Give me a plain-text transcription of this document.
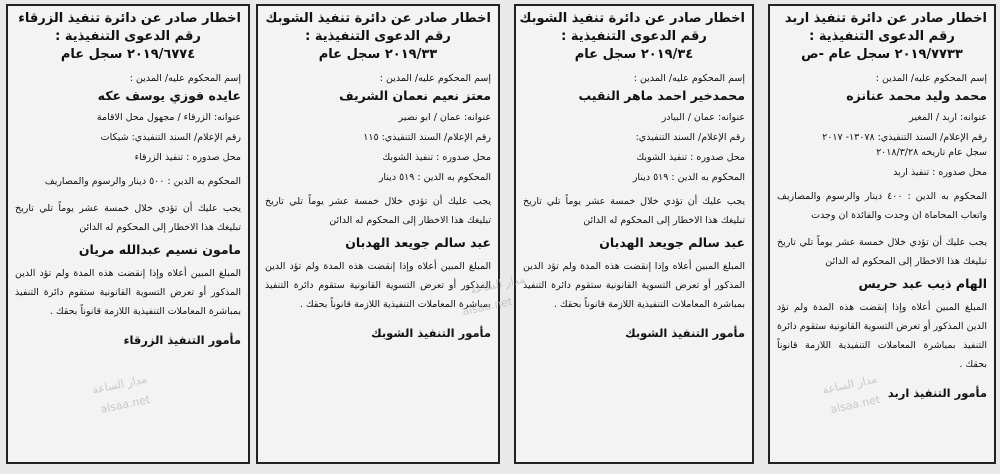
اخطار صادر عن دائرة تنفيذ اربد
رقم الدعوى التنفيذية :
٢٠١٩/٧٧٣٣ سجل عام -ص
إسم المحكوم عليه/ المدين :
محمد وليد محمد عنانزه
عنوانه: اربد / المغير
رقم الإعلام/ السند التنفيذي: ١٣٠٧٨- ٢٠١٧
سجل عام تاريخه ٢٠١٨/٣/٢٨
محل صدوره : تنفيذ اربد
المحكوم به الدين : ٤٠٠ دينار والرسوم والمصاريف واتعاب المحاماة ان وجدت والفائدة ان وجدت
يجب عليك أن تؤدي خلال خمسة عشر يوماً تلي تاريخ تبليغك هذا الاخطار إلى المحكوم له الدائن
الهام ذيب عبد حريس
المبلغ المبين أعلاه وإذا إنقضت هذه المدة ولم تؤد الدين المذكور أو تعرض التسوية القانونية ستقوم دائرة التنفيذ بمباشرة المعاملات التنفيذية اللازمة قانوناً بحقك .
مأمور التنفيذ اربد
اخطار صادر عن دائرة تنفيذ الشوبك
رقم الدعوى التنفيذية :
٢٠١٩/٣٤ سجل عام
إسم المحكوم عليه/ المدين :
محمدخير احمد ماهر النقيب
عنوانه: عمان / البيادر
رقم الإعلام/ السند التنفيذي:
محل صدوره : تنفيذ الشوبك
المحكوم به الدين : ٥١٩ دينار
يجب عليك أن تؤدي خلال خمسة عشر يوماً تلي تاريخ تبليغك هذا الاخطار إلى المحكوم له الدائن
عبد سالم جويعد الهدبان
المبلغ المبين أعلاه وإذا إنقضت هذه المدة ولم تؤد الدين المذكور أو تعرض التسوية القانونية ستقوم دائرة التنفيذ بمباشرة المعاملات التنفيذية اللازمة قانوناً بحقك .
مأمور التنفيذ الشوبك
اخطار صادر عن دائرة تنفيذ الشوبك
رقم الدعوى التنفيذية :
٢٠١٩/٣٣ سجل عام
إسم المحكوم عليه/ المدين :
معتز نعيم نعمان الشريف
عنوانه: عمان / ابو نصير
رقم الإعلام/ السند التنفيذي: ١١٥
محل صدوره : تنفيذ الشوبك
المحكوم به الدين : ٥١٩ دينار
يجب عليك أن تؤدي خلال خمسة عشر يوماً تلي تاريخ تبليغك هذا الاخطار إلى المحكوم له الدائن
عبد سالم جويعد الهدبان
المبلغ المبين أعلاه وإذا إنقضت هذه المدة ولم تؤد الدين المذكور أو تعرض التسوية القانونية ستقوم دائرة التنفيذ بمباشرة المعاملات التنفيذية اللازمة قانوناً بحقك .
مأمور التنفيذ الشوبك
اخطار صادر عن دائرة تنفيذ الزرقاء
رقم الدعوى التنفيذية :
٢٠١٩/٦٧٧٤ سجل عام
إسم المحكوم عليه/ المدين :
عايده فوزي يوسف عكه
عنوانه: الزرقاء / مجهول محل الاقامة
رقم الإعلام/ السند التنفيذي: شيكات
محل صدوره : تنفيذ الزرقاء
المحكوم به الدين : ٥٠٠ دينار والرسوم والمصاريف
يجب عليك أن تؤدي خلال خمسة عشر يوماً تلي تاريخ تبليغك هذا الاخطار إلى المحكوم له الدائن
مامون نسيم عبدالله مريان
المبلغ المبين أعلاه وإذا إنقضت هذه المدة ولم تؤد الدين المذكور أو تعرض التسوية القانونية ستقوم دائرة التنفيذ بمباشرة المعاملات التنفيذية اللازمة قانوناً بحقك .
مأمور التنفيذ الزرقاء
مدار الساعة
alsaa.net
مدار الساعة
alsaa.net
مدار الساعة
alsaa.net
